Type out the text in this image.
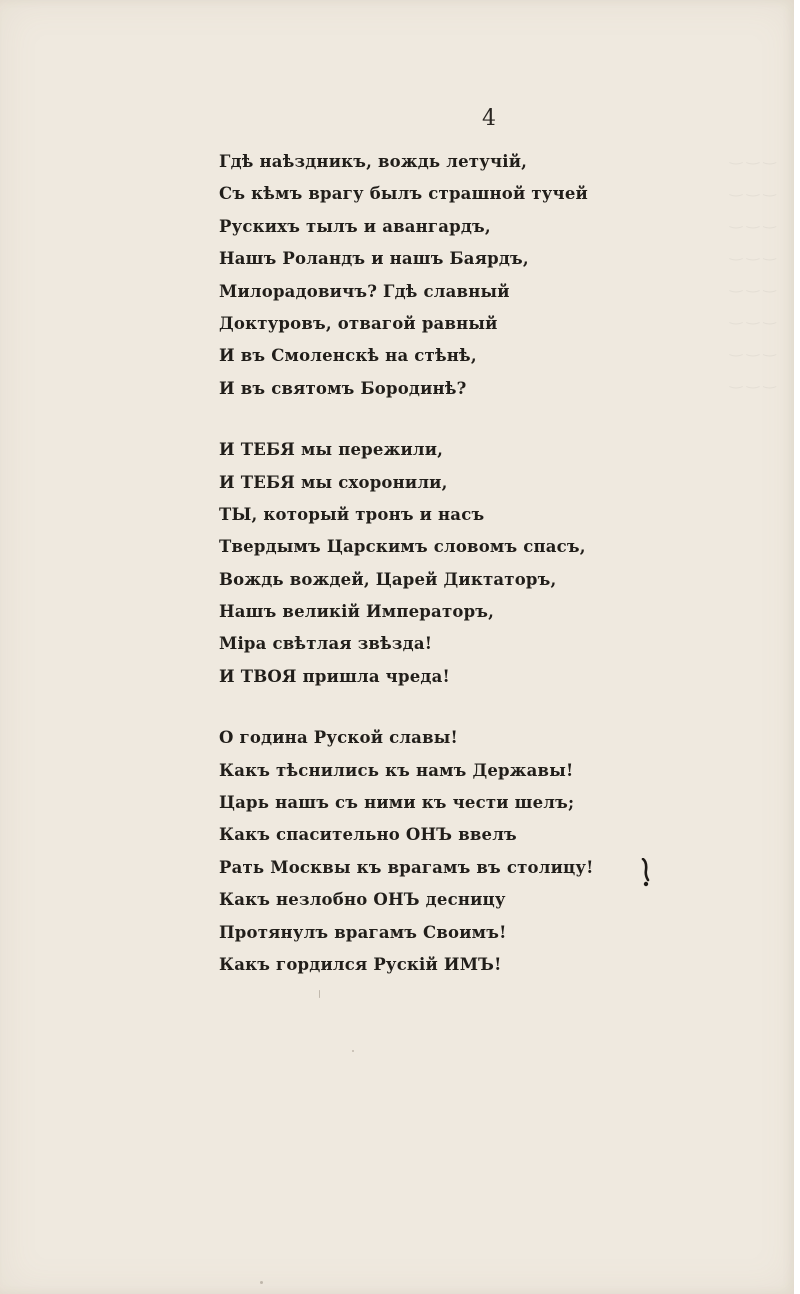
4
Гдѣ наѣздникъ, вождь летучій,
Съ кѣмъ врагу былъ страшной тучей
Рускихъ тылъ и авангардъ,
Нашъ Роландъ и нашъ Баярдъ,
Милорадовичъ? Гдѣ славный
Доктуровъ, отвагой равный
И въ Смоленскѣ на стѣнѣ,
И въ святомъ Бородинѣ?
И ТЕБЯ мы пережили,
И ТЕБЯ мы схоронили,
ТЫ, который тронъ и насъ
Твердымъ Царскимъ словомъ спасъ,
Вождь вождей, Царей Диктаторъ,
Нашъ великій Императоръ,
Міра свѣтлая звѣзда!
И ТВОЯ пришла чреда!
О година Руской славы!
Какъ тѣснились къ намъ Державы!
Царь нашъ съ ними къ чести шелъ;
Какъ спасительно ОНЪ ввелъ
Рать Москвы къ врагамъ въ столицу!
Какъ незлобно ОНЪ десницу
Протянулъ врагамъ Своимъ!
Какъ гордился Рускій ИМЪ!
